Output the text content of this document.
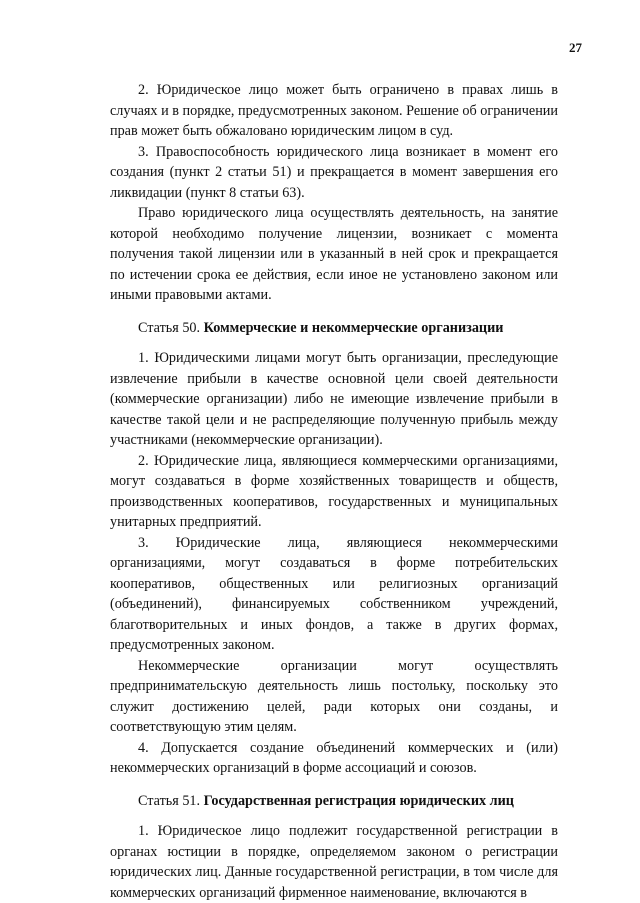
27

2. Юридическое лицо может быть ограничено в правах лишь в случаях и в порядке, предусмотренных законом. Решение об ограничении прав может быть обжаловано юридическим лицом в суд.

3. Правоспособность юридического лица возникает в момент его создания (пункт 2 статьи 51) и прекращается в момент завершения его ликвидации (пункт 8 статьи 63).

Право юридического лица осуществлять деятельность, на занятие которой необходимо получение лицензии, возникает с момента получения такой лицензии или в указанный в ней срок и прекращается по истечении срока ее действия, если иное не установлено законом или иными правовыми актами.

Статья 50. Коммерческие и некоммерческие организации

1. Юридическими лицами могут быть организации, преследующие извлечение прибыли в качестве основной цели своей деятельности (коммерческие организации) либо не имеющие извлечение прибыли в качестве такой цели и не распределяющие полученную прибыль между участниками (некоммерческие организации).

2. Юридические лица, являющиеся коммерческими организациями, могут создаваться в форме хозяйственных товариществ и обществ, производственных кооперативов, государственных и муниципальных унитарных предприятий.

3. Юридические лица, являющиеся некоммерческими организациями, могут создаваться в форме потребительских кооперативов, общественных или религиозных организаций (объединений), финансируемых собственником учреждений, благотворительных и иных фондов, а также в других формах, предусмотренных законом.

Некоммерческие организации могут осуществлять предпринимательскую деятельность лишь постольку, поскольку это служит достижению целей, ради которых они созданы, и соответствующую этим целям.

4. Допускается создание объединений коммерческих и (или) некоммерческих организаций в форме ассоциаций и союзов.

Статья 51. Государственная регистрация юридических лиц

1. Юридическое лицо подлежит государственной регистрации в органах юстиции в порядке, определяемом законом о регистрации юридических лиц. Данные государственной регистрации, в том числе для коммерческих организаций фирменное наименование, включаются в
